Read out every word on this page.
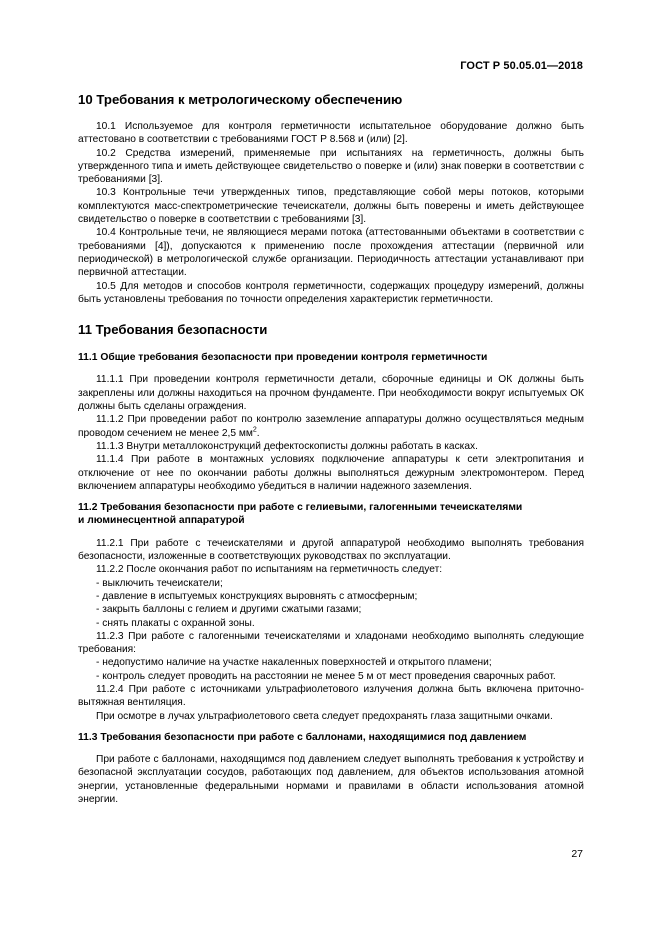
ГОСТ Р 50.05.01—2018
10 Требования к метрологическому обеспечению
10.1 Используемое для контроля герметичности испытательное оборудование должно быть аттестовано в соответствии с требованиями ГОСТ Р 8.568 и (или) [2].
10.2 Средства измерений, применяемые при испытаниях на герметичность, должны быть утвержденного типа и иметь действующее свидетельство о поверке и (или) знак поверки в соответствии с требованиями [3].
10.3 Контрольные течи утвержденных типов, представляющие собой меры потоков, которыми комплектуются масс-спектрометрические течеискатели, должны быть поверены и иметь действующее свидетельство о поверке в соответствии с требованиями [3].
10.4 Контрольные течи, не являющиеся мерами потока (аттестованными объектами в соответствии с требованиями [4]), допускаются к применению после прохождения аттестации (первичной или периодической) в метрологической службе организации. Периодичность аттестации устанавливают при первичной аттестации.
10.5 Для методов и способов контроля герметичности, содержащих процедуру измерений, должны быть установлены требования по точности определения характеристик герметичности.
11 Требования безопасности
11.1 Общие требования безопасности при проведении контроля герметичности
11.1.1 При проведении контроля герметичности детали, сборочные единицы и ОК должны быть закреплены или должны находиться на прочном фундаменте. При необходимости вокруг испытуемых ОК должны быть сделаны ограждения.
11.1.2 При проведении работ по контролю заземление аппаратуры должно осуществляться медным проводом сечением не менее 2,5 $мм^2$.
11.1.3 Внутри металлоконструкций дефектоскописты должны работать в касках.
11.1.4 При работе в монтажных условиях подключение аппаратуры к сети электропитания и отключение от нее по окончании работы должны выполняться дежурным электромонтером. Перед включением аппаратуры необходимо убедиться в наличии надежного заземления.
11.2 Требования безопасности при работе с гелиевыми, галогенными течеискателями
и люминесцентной аппаратурой
11.2.1 При работе с течеискателями и другой аппаратурой необходимо выполнять требования безопасности, изложенные в соответствующих руководствах по эксплуатации.
11.2.2 После окончания работ по испытаниям на герметичность следует:
- выключить течеискатели;
- давление в испытуемых конструкциях выровнять с атмосферным;
- закрыть баллоны с гелием и другими сжатыми газами;
- снять плакаты с охранной зоны.
11.2.3 При работе с галогенными течеискателями и хладонами необходимо выполнять следующие требования:
- недопустимо наличие на участке накаленных поверхностей и открытого пламени;
- контроль следует проводить на расстоянии не менее 5 м от мест проведения сварочных работ.
11.2.4 При работе с источниками ультрафиолетового излучения должна быть включена приточно-вытяжная вентиляция.
При осмотре в лучах ультрафиолетового света следует предохранять глаза защитными очками.
11.3 Требования безопасности при работе с баллонами, находящимися под давлением
При работе с баллонами, находящимся под давлением следует выполнять требования к устройству и безопасной эксплуатации сосудов, работающих под давлением, для объектов использования атомной энергии, установленные федеральными нормами и правилами в области использования атомной энергии.
27
